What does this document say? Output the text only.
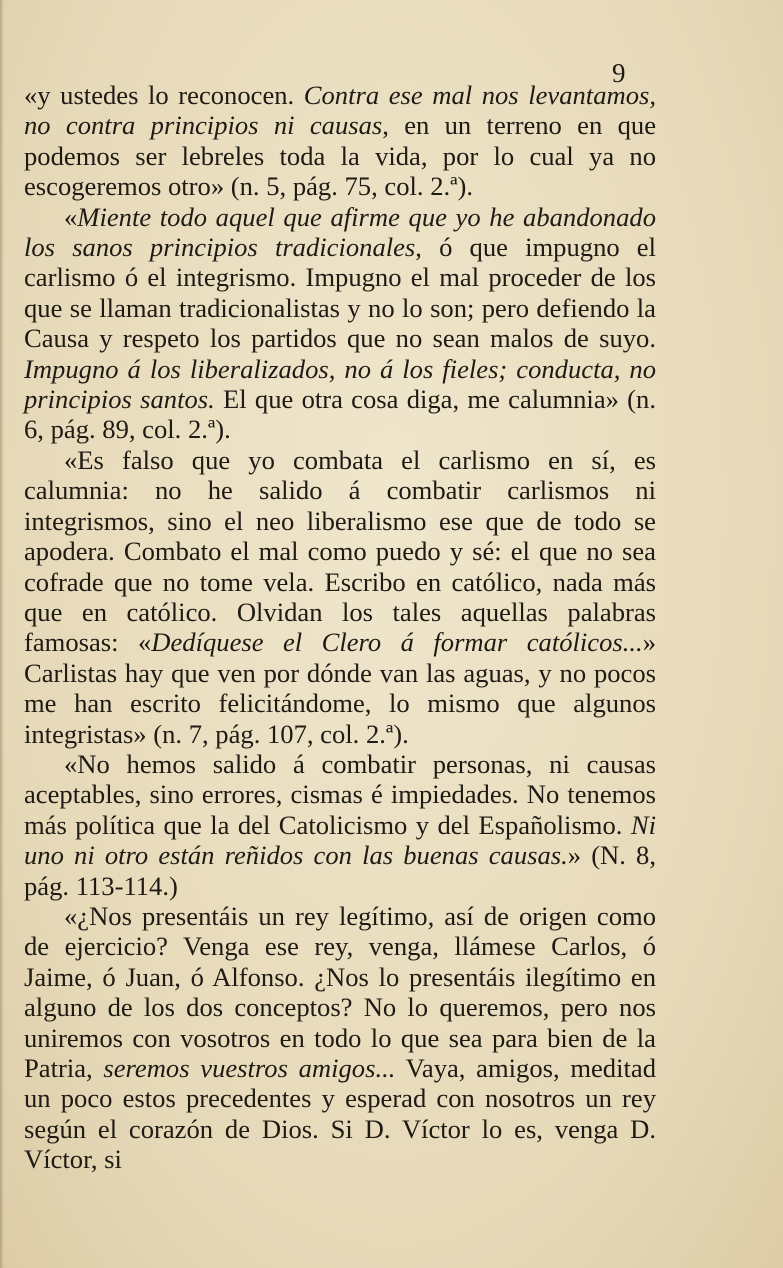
9

«y ustedes lo reconocen. Contra ese mal nos levantamos, no contra principios ni causas, en un terreno en que podemos ser lebreles toda la vida, por lo cual ya no escogeremos otro» (n. 5, pág. 75, col. 2.ª).

«Miente todo aquel que afirme que yo he abandonado los sanos principios tradicionales, ó que impugno el carlismo ó el integrismo. Impugno el mal proceder de los que se llaman tradicionalistas y no lo son; pero defiendo la Causa y respeto los partidos que no sean malos de suyo. Impugno á los liberalizados, no á los fieles; conducta, no principios santos. El que otra cosa diga, me calumnia» (n. 6, pág. 89, col. 2.ª).

«Es falso que yo combata el carlismo en sí, es calumnia: no he salido á combatir carlismos ni integrismos, sino el neo liberalismo ese que de todo se apodera. Combato el mal como puedo y sé: el que no sea cofrade que no tome vela. Escribo en católico, nada más que en católico. Olvidan los tales aquellas palabras famosas: «Dedíquese el Clero á formar católicos...» Carlistas hay que ven por dónde van las aguas, y no pocos me han escrito felicitándome, lo mismo que algunos integristas» (n. 7, pág. 107, col. 2.ª).

«No hemos salido á combatir personas, ni causas aceptables, sino errores, cismas é impiedades. No tenemos más política que la del Catolicismo y del Españolismo. Ni uno ni otro están reñidos con las buenas causas.» (N. 8, pág. 113-114.)

«¿Nos presentáis un rey legítimo, así de origen como de ejercicio? Venga ese rey, venga, llámese Carlos, ó Jaime, ó Juan, ó Alfonso. ¿Nos lo presentáis ilegítimo en alguno de los dos conceptos? No lo queremos, pero nos uniremos con vosotros en todo lo que sea para bien de la Patria, seremos vuestros amigos... Vaya, amigos, meditad un poco estos precedentes y esperad con nosotros un rey según el corazón de Dios. Si D. Víctor lo es, venga D. Víctor, si
